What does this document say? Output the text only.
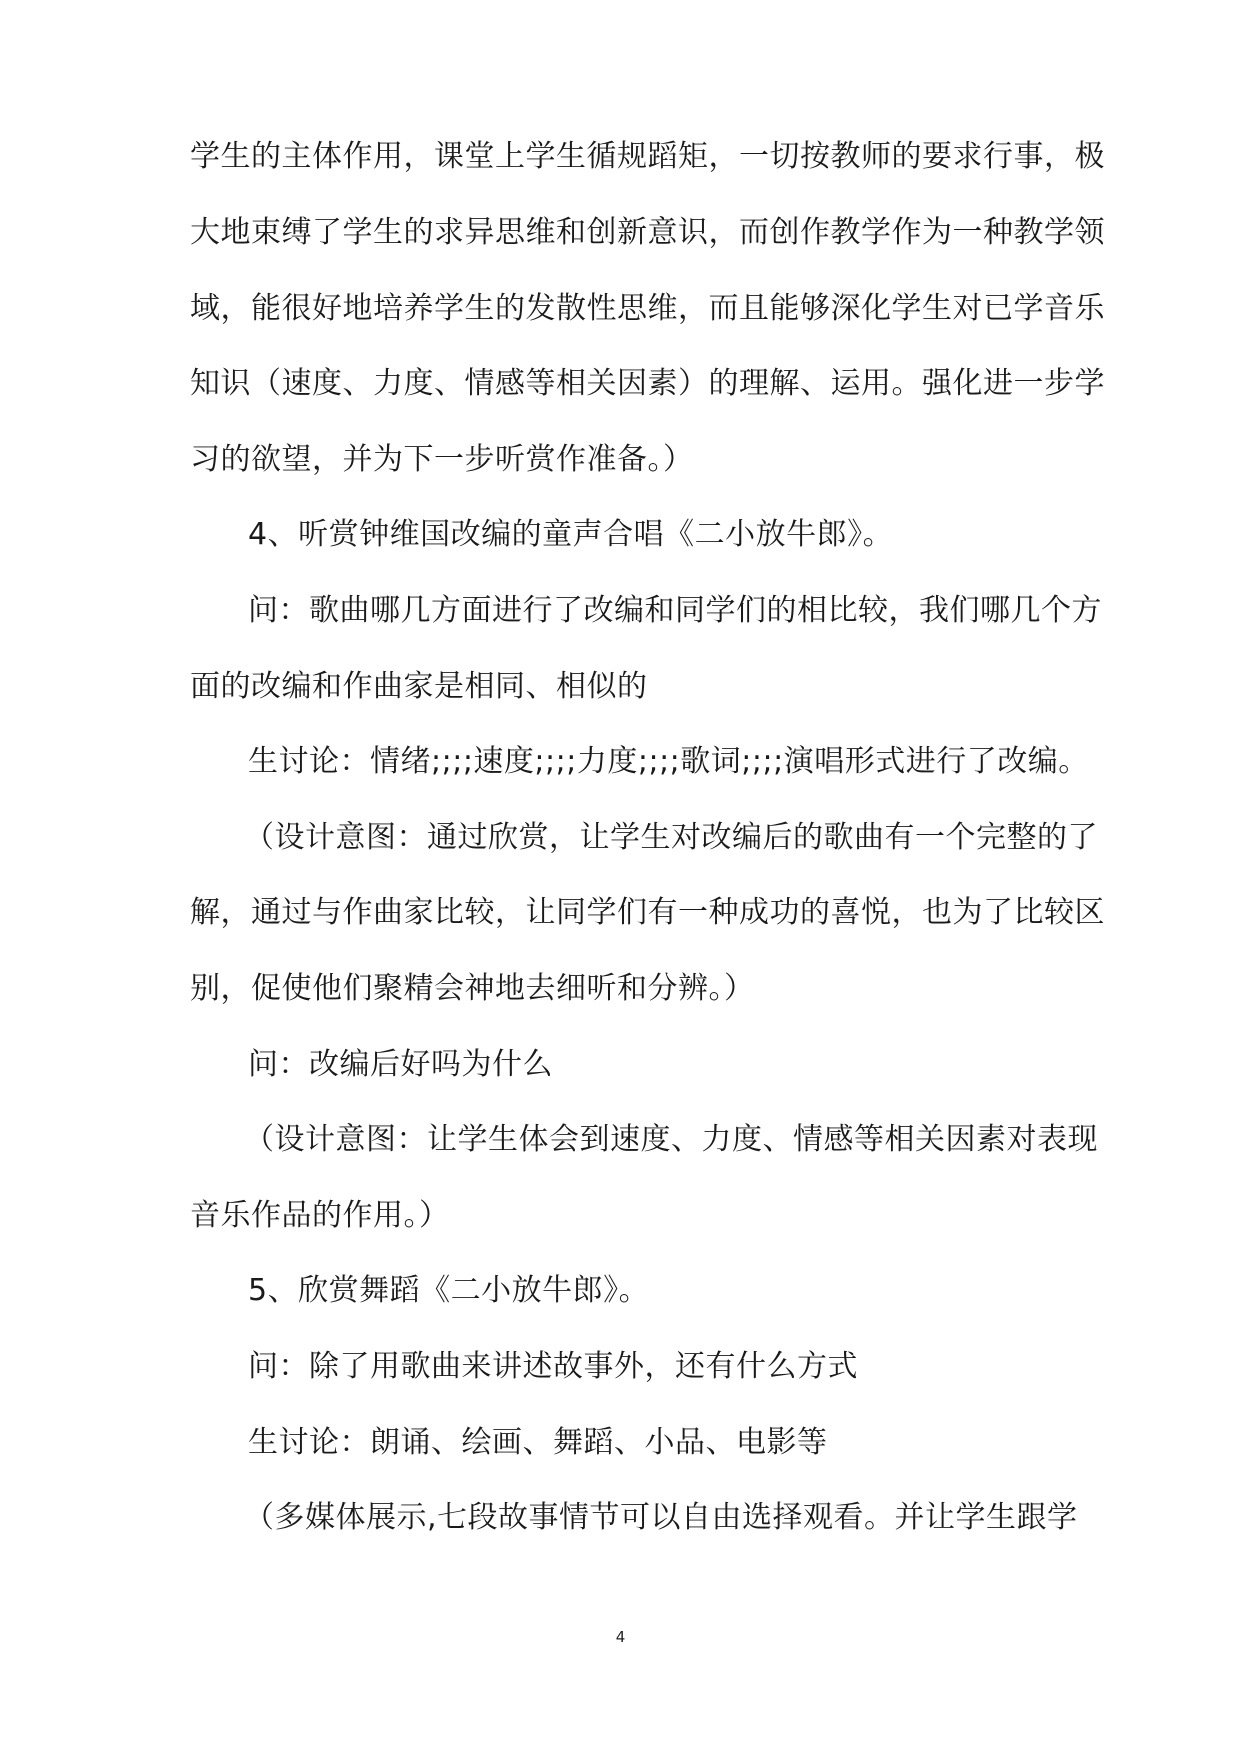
学生的主体作用，课堂上学生循规蹈矩，一切按教师的要求行事，极
大地束缚了学生的求异思维和创新意识，而创作教学作为一种教学领
域，能很好地培养学生的发散性思维，而且能够深化学生对已学音乐
知识（速度、力度、情感等相关因素）的理解、运用。强化进一步学
习的欲望，并为下一步听赏作准备。）
4、听赏钟维国改编的童声合唱《二小放牛郎》。
问：歌曲哪几方面进行了改编和同学们的相比较，我们哪几个方
面的改编和作曲家是相同、相似的
生讨论：情绪;;;;速度;;;;力度;;;;歌词;;;;演唱形式进行了改编。
（设计意图：通过欣赏，让学生对改编后的歌曲有一个完整的了
解，通过与作曲家比较，让同学们有一种成功的喜悦，也为了比较区
别，促使他们聚精会神地去细听和分辨。）
问：改编后好吗为什么
（设计意图：让学生体会到速度、力度、情感等相关因素对表现
音乐作品的作用。）
5、欣赏舞蹈《二小放牛郎》。
问：除了用歌曲来讲述故事外，还有什么方式
生讨论：朗诵、绘画、舞蹈、小品、电影等
（多媒体展示,七段故事情节可以自由选择观看。并让学生跟学
4
